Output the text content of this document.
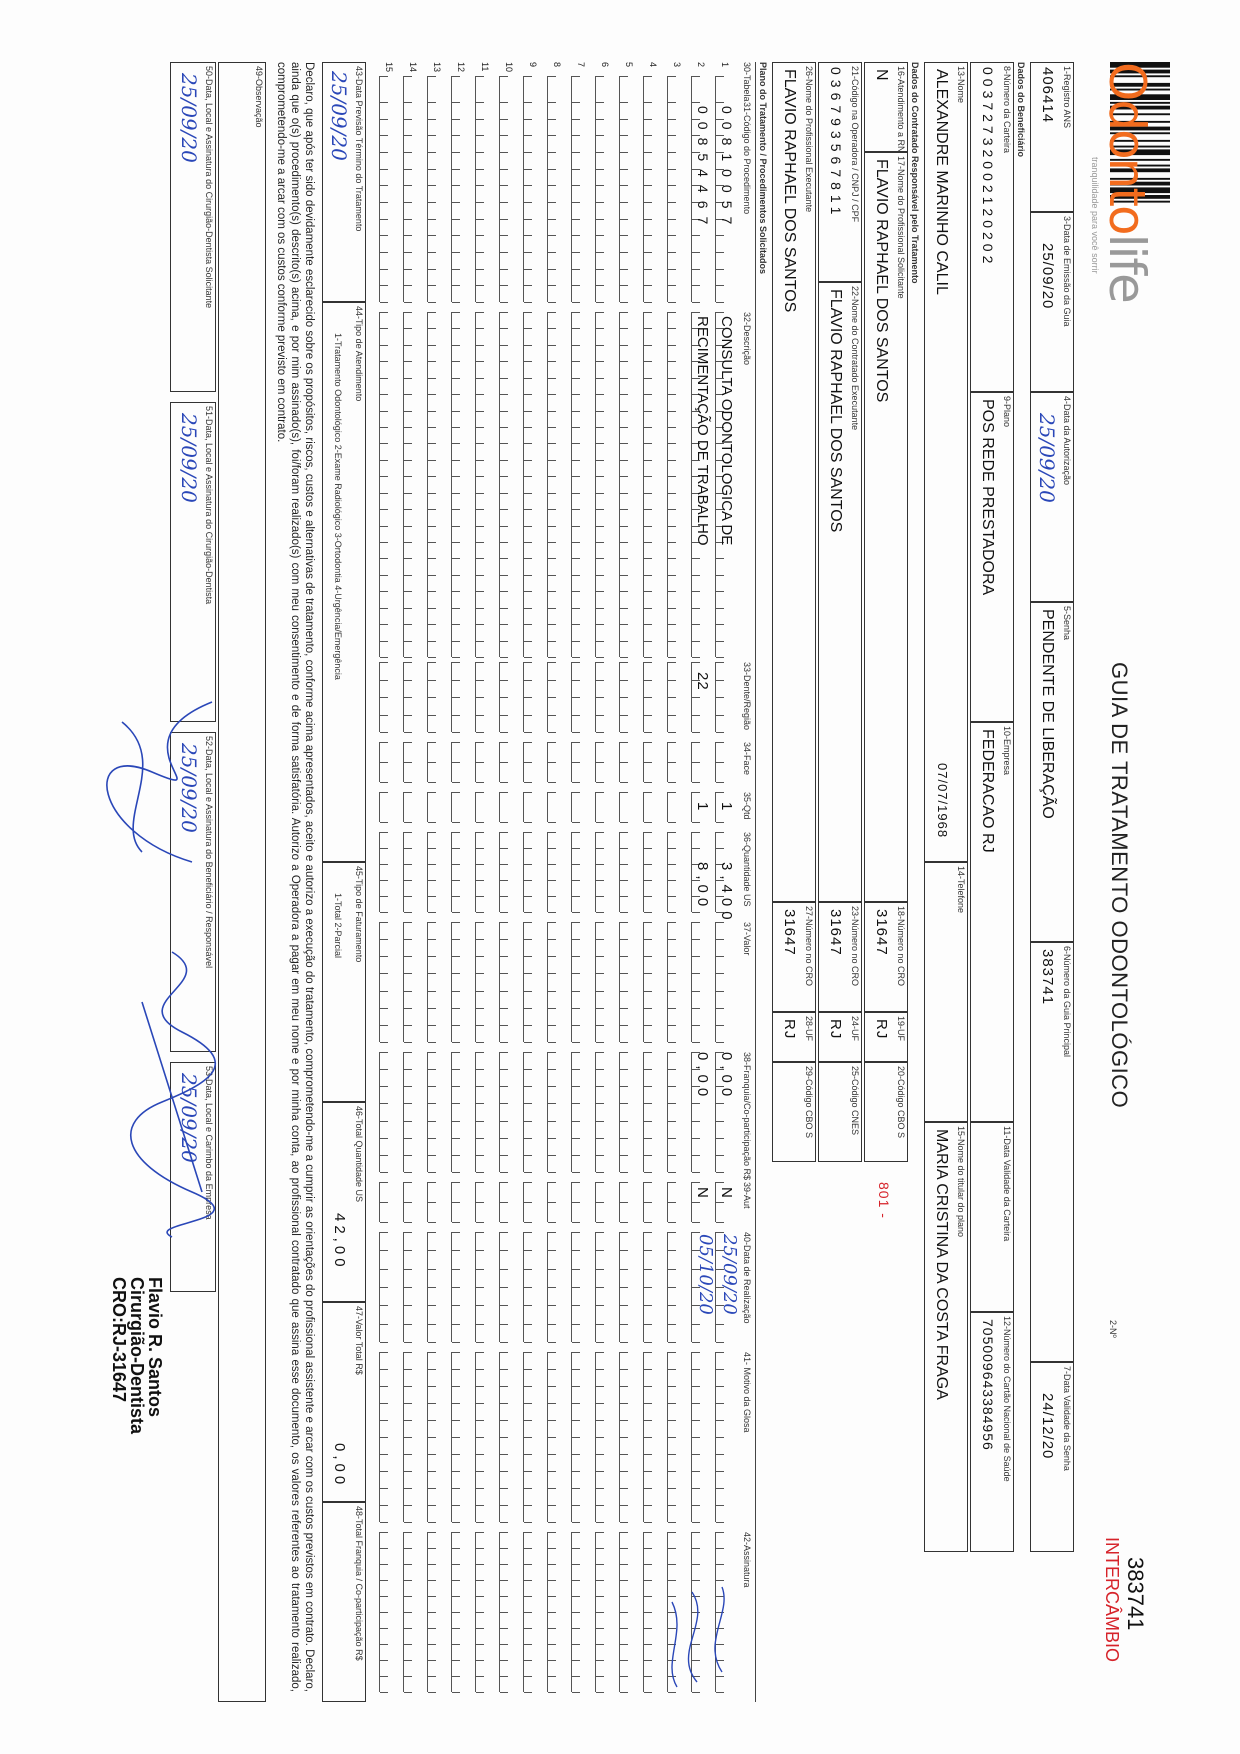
Odontolife
tranquilidade para você sorrir
GUIA DE TRATAMENTO ODONTOLÓGICO
2-Nº
383741
INTERCÂMBIO
1-Registro ANS
406414
3-Data de Emissão da Guia
25/09/20
4-Data da Autorização
25/09/20
5-Senha
PENDENTE DE LIBERAÇÃO
6-Número da Guia Principal
383741
7-Data Validade da Senha
24/12/20
Dados do Beneficiário
8-Número da Carteira
00372732002120202
9-Plano
POS REDE PRESTADORA
10-Empresa
FEDERACAO RJ
11-Data Validade da Carteira
12-Número do Cartão Nacional de Saúde
705009643384956
13-Nome
ALEXANDRE MARINHO CALIL
07/07/1968
14-Telefone
15-Nome do titular do plano
MARIA CRISTINA DA COSTA FRAGA
Dados do Contratado Responsável pelo Tratamento
16-Atendimento a RN
N
17-Nome do Profissional Solicitante
FLAVIO RAPHAEL DOS SANTOS
18-Número no CRO
31647
19-UF
RJ
20-Código CBO S
801 -
21-Código na Operadora / CNPJ / CPF
036793567811
22-Nome do Contratado Executante
FLAVIO RAPHAEL DOS SANTOS
23-Número no CRO
31647
24-UF
RJ
25-Código CNES
26-Nome do Profissional Executante
FLAVIO RAPHAEL DOS SANTOS
27-Número no CRO
31647
28-UF
RJ
29-Código CBO S
Plano do Tratamento / Procedimentos Solicitados
30-Tabela
31-Código do Procedimento
32-Descrição
33-Dente/Região
34-Face
35-Qtd
36-Quantidade US
37-Valor
38-Franquia/Co-participação R$
39-Aut
40-Data de Realização
41- Motivo da Glosa
42-Assinatura
1
00810057
CONSULTA ODONTOLOGICA DE
1
3,400
0,00
N
25/09/20
2
00854467
RECIMENTAÇÃO DE TRABALHO
22
1
8,00
0,00
N
05/10/20
3
4
5
6
7
8
9
10
11
12
13
14
15
43-Data Previsão Término do Tratamento
25/09/20
44-Tipo de Atendimento
1-Tratamento Odontológico 2-Exame Radiológico 3-Ortodontia 4-Urgência/Emergência
45-Tipo de Faturamento
1-Total 2-Parcial
46-Total Quantidade US
42,00
47-Valor Total R$
0,00
48-Total Franquia / Co-participação R$
Declaro, que após ter sido devidamente esclarecido sobre os propósitos, riscos, custos e alternativas de tratamento, conforme acima apresentados, aceito e autorizo a execução do tratamento, comprometendo-me a cumprir as orientações do profissional assistente e arcar com os custos previstos em contrato. Declaro, ainda que o(s) procedimento(s) descrito(s) acima, e por mim assinado(s), foi/foram realizado(s) com meu consentimento e de forma satisfatória. Autorizo a Operadora a pagar em meu nome e por minha conta, ao profissional contratado que assina esse documento, os valores referentes ao tratamento realizado, comprometendo-me a arcar com os custos conforme previsto em contrato.
49-Observação
50-Data, Local e Assinatura do Cirurgião-Dentista Solicitante
25/09/20
51-Data, Local e Assinatura do Cirurgião-Dentista
25/09/20
52-Data, Local e Assinatura do Beneficiário / Responsável
25/09/20
53-Data, Local e Carimbo da Empresa
25/09/20
Flavio R. Santos
Cirurgião-Dentista
CRO:RJ-31647
